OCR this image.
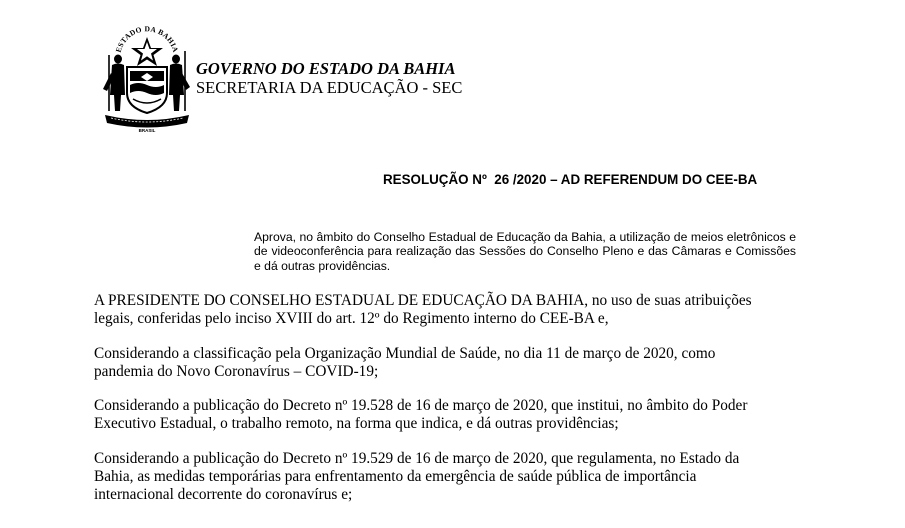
ESTADO DA BAHIA
BRASIL
GOVERNO DO ESTADO DA BAHIA
SECRETARIA DA EDUCAÇÃO - SEC
RESOLUÇÃO Nº  26 /2020 – AD REFERENDUM DO CEE-BA
Aprova, no âmbito do Conselho Estadual de Educação da Bahia, a utilização de meios eletrônicos e de videoconferência para realização das Sessões do Conselho Pleno e das Câmaras e Comissões e dá outras providências.
A PRESIDENTE DO CONSELHO ESTADUAL DE EDUCAÇÃO DA BAHIA, no uso de suas atribuições
legais, conferidas pelo inciso XVIII do art. 12º do Regimento interno do CEE-BA e,
Considerando a classificação pela Organização Mundial de Saúde, no dia 11 de março de 2020, como
pandemia do Novo Coronavírus – COVID-19;
Considerando a publicação do Decreto nº 19.528 de 16 de março de 2020, que institui, no âmbito do Poder
Executivo Estadual, o trabalho remoto, na forma que indica, e dá outras providências;
Considerando a publicação do Decreto nº 19.529 de 16 de março de 2020, que regulamenta, no Estado da
Bahia, as medidas temporárias para enfrentamento da emergência de saúde pública de importância
internacional decorrente do coronavírus e;
